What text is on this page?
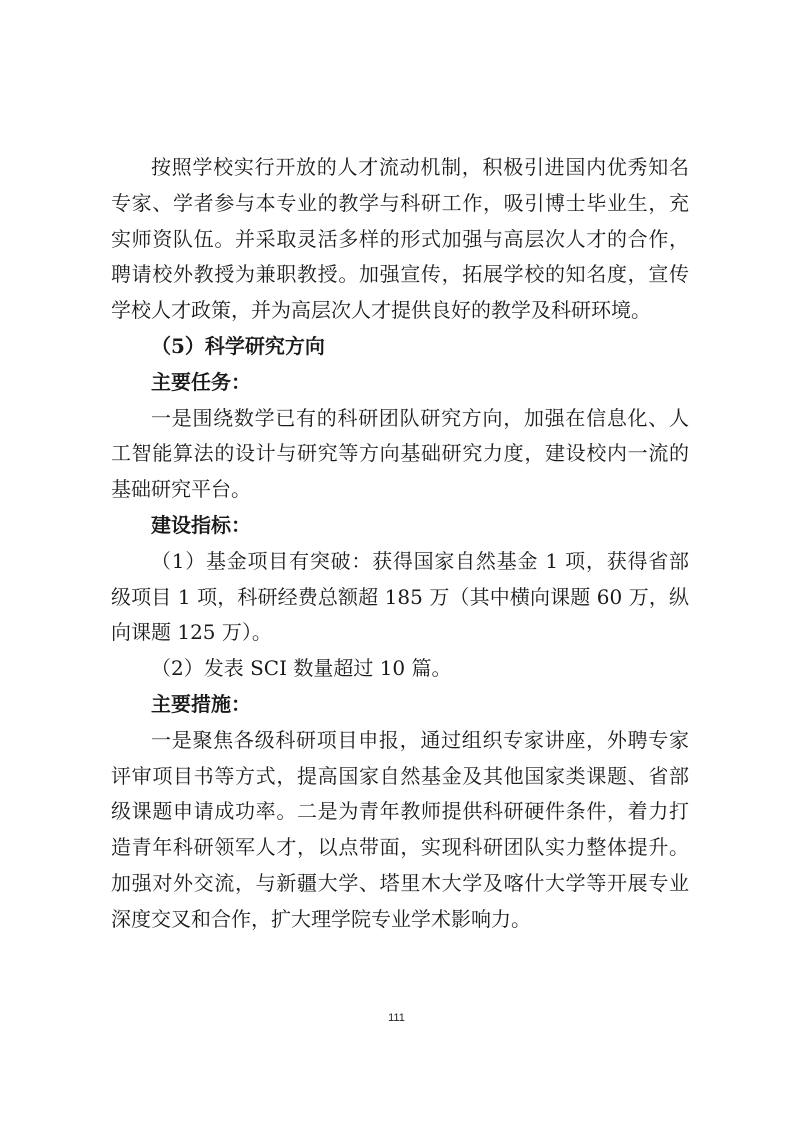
按照学校实行开放的人才流动机制，积极引进国内优秀知名专家、学者参与本专业的教学与科研工作，吸引博士毕业生，充实师资队伍。并采取灵活多样的形式加强与高层次人才的合作，聘请校外教授为兼职教授。加强宣传，拓展学校的知名度，宣传学校人才政策，并为高层次人才提供良好的教学及科研环境。

（5）科学研究方向

主要任务：

一是围绕数学已有的科研团队研究方向，加强在信息化、人工智能算法的设计与研究等方向基础研究力度，建设校内一流的基础研究平台。

建设指标：

（1）基金项目有突破：获得国家自然基金 1 项，获得省部级项目 1 项，科研经费总额超 185 万（其中横向课题 60 万，纵向课题 125 万）。

（2）发表 SCI 数量超过 10 篇。

主要措施：

一是聚焦各级科研项目申报，通过组织专家讲座，外聘专家评审项目书等方式，提高国家自然基金及其他国家类课题、省部级课题申请成功率。二是为青年教师提供科研硬件条件，着力打造青年科研领军人才，以点带面，实现科研团队实力整体提升。加强对外交流，与新疆大学、塔里木大学及喀什大学等开展专业深度交叉和合作，扩大理学院专业学术影响力。

111
